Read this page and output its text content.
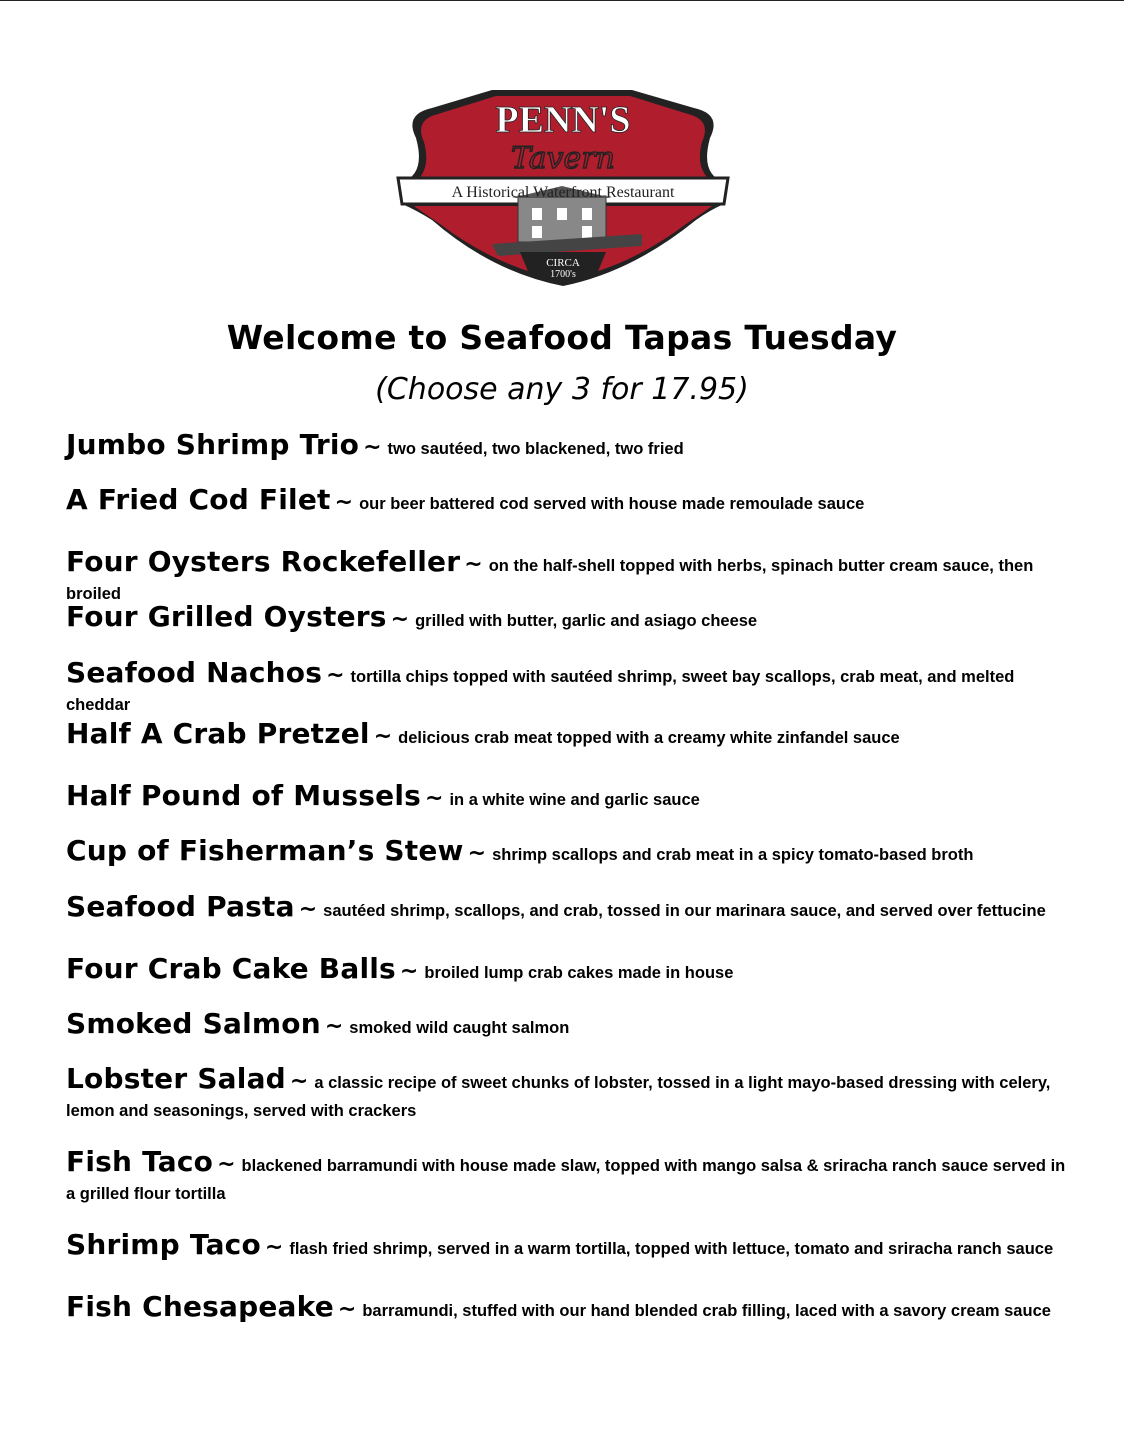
PENN'S
Tavern
A Historical Waterfront Restaurant
CIRCA
1700's
Welcome to Seafood Tapas Tuesday
(Choose any 3 for 17.95)
Jumbo Shrimp Trio ~ two sautéed, two blackened, two fried
A Fried Cod Filet ~ our beer battered cod served with house made remoulade sauce
Four Oysters Rockefeller ~ on the half-shell topped with herbs, spinach butter cream sauce, then broiled
Four Grilled Oysters ~ grilled with butter, garlic and asiago cheese
Seafood Nachos ~ tortilla chips topped with sautéed shrimp, sweet bay scallops, crab meat, and melted cheddar
Half A Crab Pretzel ~ delicious crab meat topped with a creamy white zinfandel sauce
Half Pound of Mussels ~ in a white wine and garlic sauce
Cup of Fisherman’s Stew ~ shrimp scallops and crab meat in a spicy tomato-based broth
Seafood Pasta ~ sautéed shrimp, scallops, and crab, tossed in our marinara sauce, and served over fettucine
Four Crab Cake Balls ~ broiled lump crab cakes made in house
Smoked Salmon ~ smoked wild caught salmon
Lobster Salad ~ a classic recipe of sweet chunks of lobster, tossed in a light mayo-based dressing with celery, lemon and seasonings, served with crackers
Fish Taco ~ blackened barramundi with house made slaw, topped with mango salsa & sriracha ranch sauce served in a grilled flour tortilla
Shrimp Taco ~ flash fried shrimp, served in a warm tortilla, topped with lettuce, tomato and sriracha ranch sauce
Fish Chesapeake ~ barramundi, stuffed with our hand blended crab filling, laced with a savory cream sauce
